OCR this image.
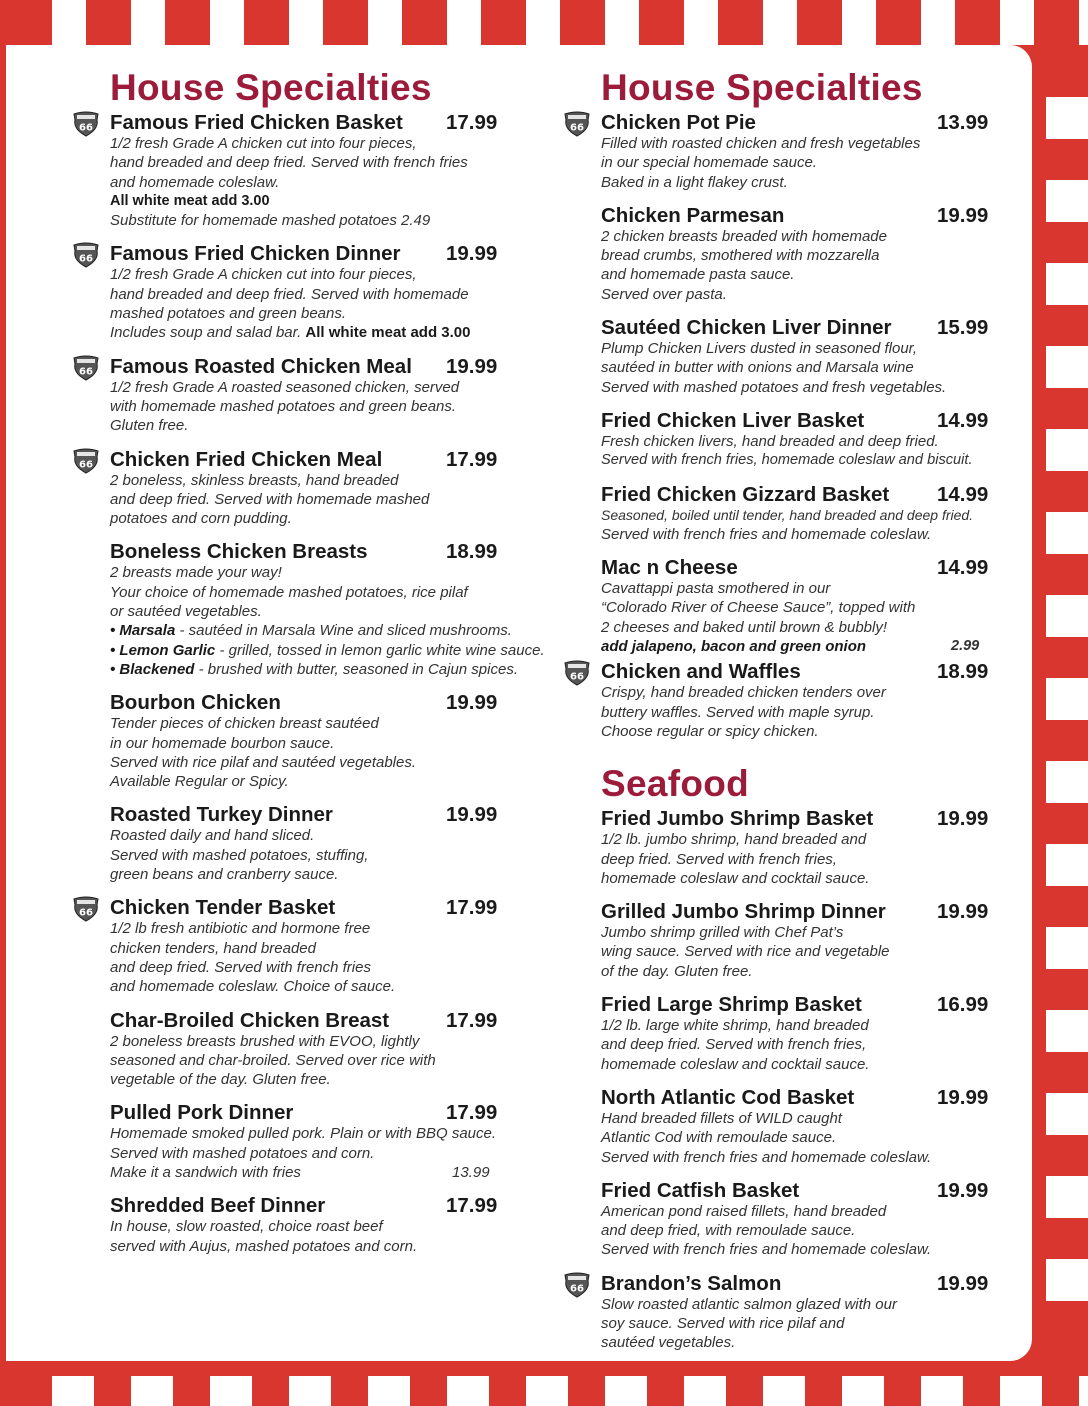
House Specialties
66 Famous Fried Chicken Basket 17.99
1/2 fresh Grade A chicken cut into four pieces,
hand breaded and deep fried. Served with french fries
and homemade coleslaw.
All white meat add 3.00
Substitute for homemade mashed potatoes 2.49
66 Famous Fried Chicken Dinner 19.99
1/2 fresh Grade A chicken cut into four pieces,
hand breaded and deep fried. Served with homemade
mashed potatoes and green beans.
Includes soup and salad bar. All white meat add 3.00
66 Famous Roasted Chicken Meal 19.99
1/2 fresh Grade A roasted seasoned chicken, served
with homemade mashed potatoes and green beans.
Gluten free.
66 Chicken Fried Chicken Meal	17.99
2 boneless, skinless breasts, hand breaded
and deep fried. Served with homemade mashed
potatoes and corn pudding.
Boneless Chicken Breasts	18.99
2 breasts made your way!
Your choice of homemade mashed potatoes, rice pilaf
or sautéed vegetables.
• Marsala - sautéed in Marsala Wine and sliced mushrooms.
• Lemon Garlic - grilled, tossed in lemon garlic white wine sauce.
• Blackened - brushed with butter, seasoned in Cajun spices.
Bourbon Chicken	19.99
Tender pieces of chicken breast sautéed
in our homemade bourbon sauce.
Served with rice pilaf and sautéed vegetables.
Available Regular or Spicy.
Roasted Turkey Dinner	19.99
Roasted daily and hand sliced.
Served with mashed potatoes, stuffing,
green beans and cranberry sauce.
66 Chicken Tender Basket	17.99
1/2 lb fresh antibiotic and hormone free
chicken tenders, hand breaded
and deep fried. Served with french fries
and homemade coleslaw. Choice of sauce.
Char-Broiled Chicken Breast	17.99
2 boneless breasts brushed with EVOO, lightly
seasoned and char-broiled. Served over rice with
vegetable of the day. Gluten free.
Pulled Pork Dinner	17.99
Homemade smoked pulled pork. Plain or with BBQ sauce.
Served with mashed potatoes and corn.
Make it a sandwich with fries	13.99
Shredded Beef Dinner	17.99
In house, slow roasted, choice roast beef
served with Aujus, mashed potatoes and corn.
House Specialties
66 Chicken Pot Pie	13.99
Filled with roasted chicken and fresh vegetables
in our special homemade sauce.
Baked in a light flakey crust.
Chicken Parmesan	19.99
2 chicken breasts breaded with homemade
bread crumbs, smothered with mozzarella
and homemade pasta sauce.
Served over pasta.
Sautéed Chicken Liver Dinner 15.99
Plump Chicken Livers dusted in seasoned flour,
sautéed in butter with onions and Marsala wine
Served with mashed potatoes and fresh vegetables.
Fried Chicken Liver Basket	14.99
Fresh chicken livers, hand breaded and deep fried.
Served with french fries, homemade coleslaw and biscuit.
Fried Chicken Gizzard Basket 14.99
Seasoned, boiled until tender, hand breaded and deep fried.
Served with french fries and homemade coleslaw.
Mac n Cheese	14.99
Cavattappi pasta smothered in our
“Colorado River of Cheese Sauce”, topped with
2 cheeses and baked until brown & bubbly!
add jalapeno, bacon and green onion	2.99
66 Chicken and Waffles	18.99
Crispy, hand breaded chicken tenders over
buttery waffles. Served with maple syrup.
Choose regular or spicy chicken.
Seafood
Fried Jumbo Shrimp Basket	19.99
1/2 lb. jumbo shrimp, hand breaded and
deep fried. Served with french fries,
homemade coleslaw and cocktail sauce.
Grilled Jumbo Shrimp Dinner 19.99
Jumbo shrimp grilled with Chef Pat’s
wing sauce. Served with rice and vegetable
of the day. Gluten free.
Fried Large Shrimp Basket	16.99
1/2 lb. large white shrimp, hand breaded
and deep fried. Served with french fries,
homemade coleslaw and cocktail sauce.
North Atlantic Cod Basket	19.99
Hand breaded fillets of WILD caught
Atlantic Cod with remoulade sauce.
Served with french fries and homemade coleslaw.
Fried Catfish Basket	19.99
American pond raised fillets, hand breaded
and deep fried, with remoulade sauce.
Served with french fries and homemade coleslaw.
66 Brandon’s Salmon	19.99
Slow roasted atlantic salmon glazed with our
soy sauce. Served with rice pilaf and
sautéed vegetables.
